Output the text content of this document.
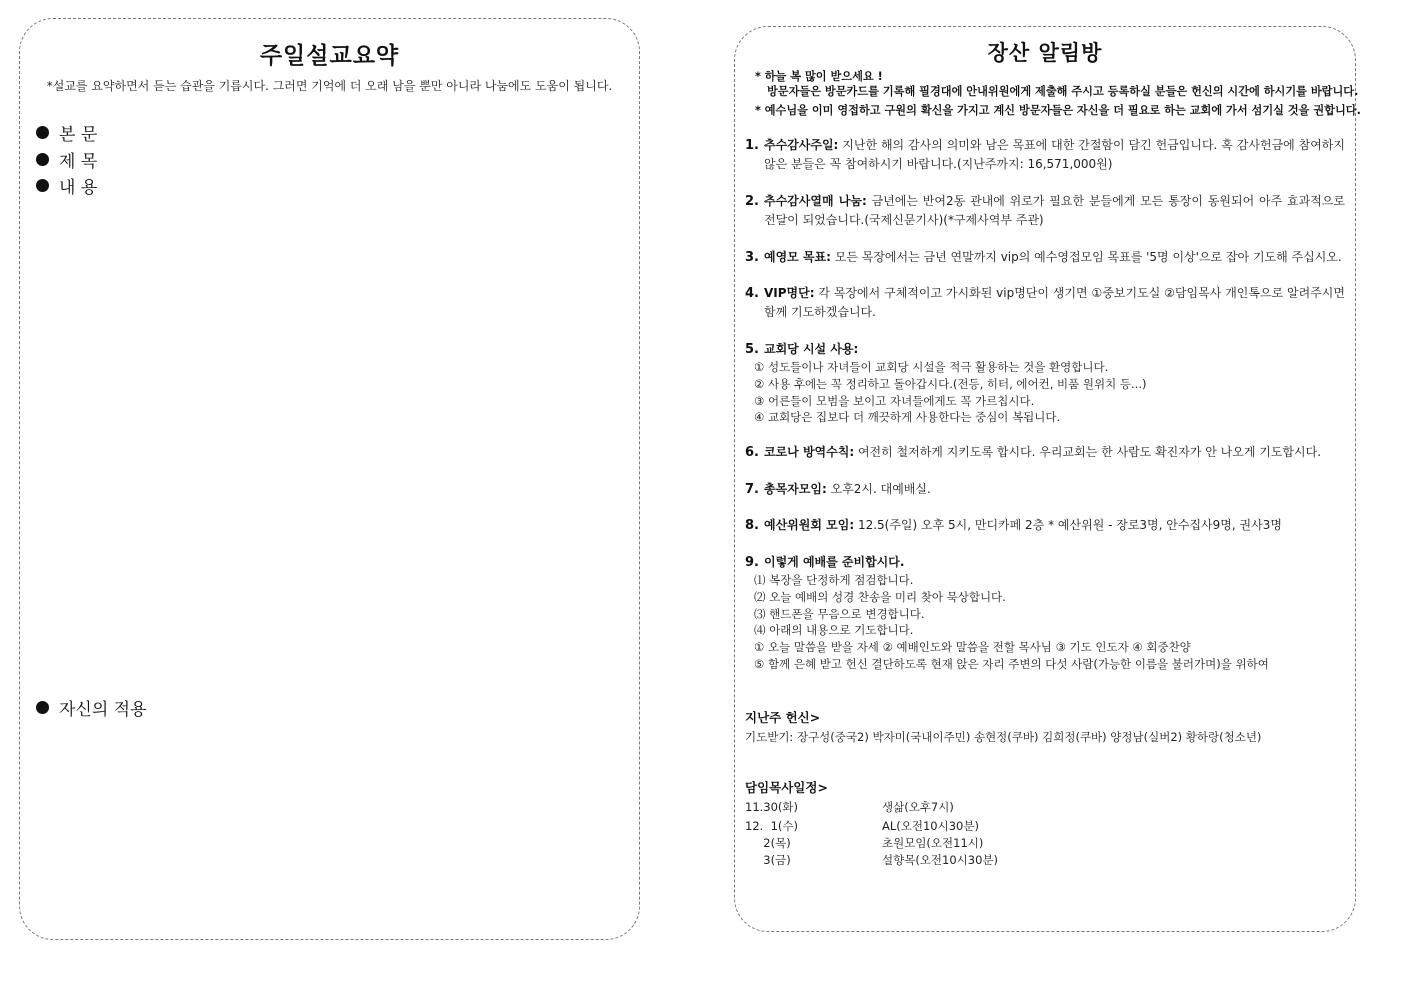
주일설교요약
*설교를 요약하면서 듣는 습관을 기릅시다. 그러면 기억에 더 오래 남을 뿐만 아니라 나눔에도 도움이 됩니다.
본 문
제 목
내 용
자신의 적용
장산 알림방
* 하늘 복 많이 받으세요 !
방문자들은 방문카드를 기록해 필경대에 안내위원에게 제출해 주시고 등록하실 분들은 헌신의 시간에 하시기를 바랍니다.
* 예수님을 이미 영접하고 구원의 확신을 가지고 계신 방문자들은 자신을 더 필요로 하는 교회에 가서 섬기실 것을 권합니다.
1. 추수감사주일: 지난한 해의 감사의 의미와 남은 목표에 대한 간절함이 담긴 헌금입니다. 혹 감사헌금에 참여하지 않은 분들은 꼭 참여하시기 바랍니다.(지난주까지: 16,571,000원)
2. 추수감사열매 나눔: 금년에는 반여2동 관내에 위로가 필요한 분들에게 모든 통장이 동원되어 아주 효과적으로 전달이 되었습니다.(국제신문기사)(*구제사역부 주관)
3. 예영모 목표: 모든 목장에서는 금년 연말까지 vip의 예수영접모임 목표를 '5명 이상'으로 잡아 기도해 주십시오.
4. VIP명단: 각 목장에서 구체적이고 가시화된 vip명단이 생기면 ①중보기도실 ②담임목사 개인톡으로 알려주시면 함께 기도하겠습니다.
5. 교회당 시설 사용:
① 성도들이나 자녀들이 교회당 시설을 적극 활용하는 것을 환영합니다.
② 사용 후에는 꼭 정리하고 돌아갑시다.(전등, 히터, 에어컨, 비품 원위치 등...)
③ 어른들이 모범을 보이고 자녀들에게도 꼭 가르칩시다.
④ 교회당은 집보다 더 깨끗하게 사용한다는 중심이 복됩니다.
6. 코로나 방역수칙: 여전히 철저하게 지키도록 합시다. 우리교회는 한 사람도 확진자가 안 나오게 기도합시다.
7. 총목자모임: 오후2시. 대예배실.
8. 예산위원회 모임: 12.5(주일) 오후 5시, 만디카페 2층 * 예산위원 - 장로3명, 안수집사9명, 권사3명
9. 이렇게 예배를 준비합시다.
⑴ 복장을 단정하게 점검합니다.
⑵ 오늘 예배의 성경 찬송을 미리 찾아 묵상합니다.
⑶ 핸드폰을 무음으로 변경합니다.
⑷ 아래의 내용으로 기도합니다.
① 오늘 말씀을 받을 자세 ② 예배인도와 말씀을 전할 목사님 ③ 기도 인도자 ④ 회중찬양
⑤ 함께 은혜 받고 헌신 결단하도록 현재 앉은 자리 주변의 다섯 사람(가능한 이름을 불러가며)을 위하여
지난주 헌신>
기도받기: 장구성(중국2) 박자미(국내이주민) 송현정(쿠바) 김희정(쿠바) 양정남(실버2) 황하랑(청소년)
담임목사일정>
11.30(화)	생삶(오후7시)
12.  1(수)	AL(오전10시30분)
2(목)	초원모임(오전11시)
3(금)	설향목(오전10시30분)
